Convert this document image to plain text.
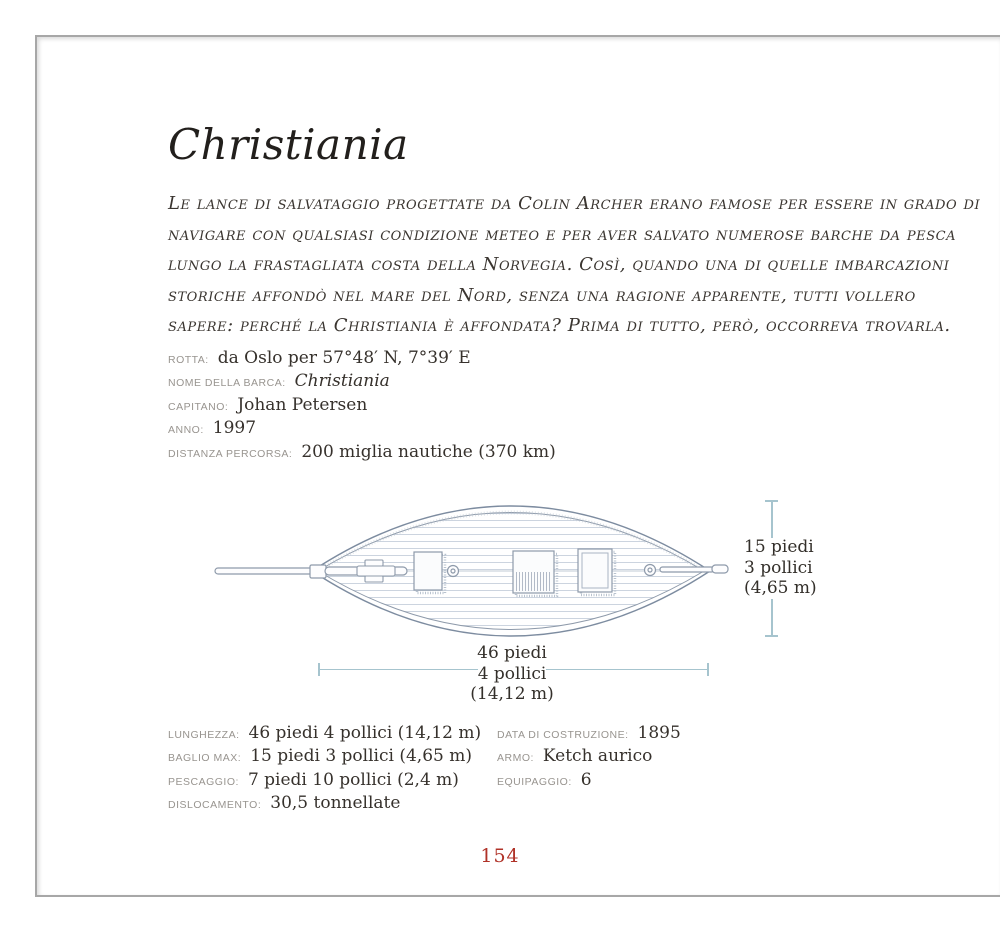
Christiania
Le lance di salvataggio progettate da Colin Archer erano famose per essere in grado di
navigare con qualsiasi condizione meteo e per aver salvato numerose barche da pesca
lungo la frastagliata costa della Norvegia. Così, quando una di quelle imbarcazioni
storiche affondò nel mare del Nord, senza una ragione apparente, tutti vollero
sapere: perché la Christiania è affondata? Prima di tutto, però, occorreva trovarla.
ROTTA: da Oslo per 57°48′ N, 7°39′ E
NOME DELLA BARCA: Christiania
CAPITANO: Johan Petersen
ANNO: 1997
DISTANZA PERCORSA: 200 miglia nautiche (370 km)
15 piedi
3 pollici
(4,65 m)
46 piedi
4 pollici
(14,12 m)
LUNGHEZZA: 46 piedi 4 pollici (14,12 m)
BAGLIO MAX: 15 piedi 3 pollici (4,65 m)
PESCAGGIO: 7 piedi 10 pollici (2,4 m)
DISLOCAMENTO: 30,5 tonnellate
DATA DI COSTRUZIONE: 1895
ARMO: Ketch aurico
EQUIPAGGIO: 6
154
